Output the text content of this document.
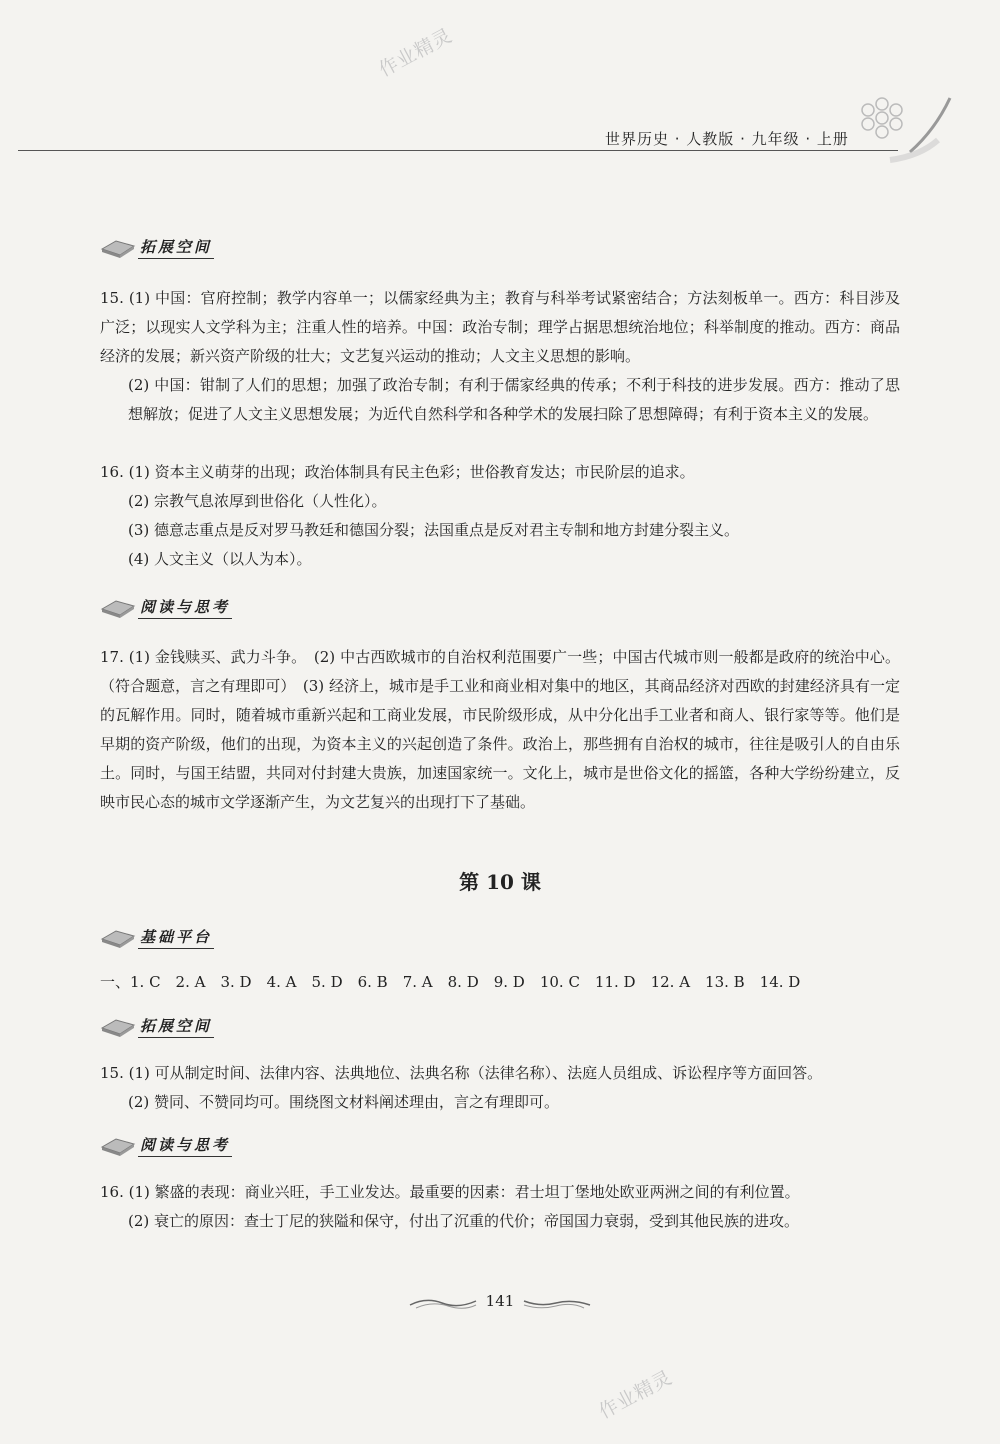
作业精灵
作业精灵
世界历史 · 人教版 · 九年级 · 上册
拓展空间
15. (1) 中国：官府控制；教学内容单一；以儒家经典为主；教育与科举考试紧密结合；方法刻板单一。西方：科目涉及广泛；以现实人文学科为主；注重人性的培养。中国：政治专制；理学占据思想统治地位；科举制度的推动。西方：商品经济的发展；新兴资产阶级的壮大；文艺复兴运动的推动；人文主义思想的影响。
(2) 中国：钳制了人们的思想；加强了政治专制；有利于儒家经典的传承；不利于科技的进步发展。西方：推动了思想解放；促进了人文主义思想发展；为近代自然科学和各种学术的发展扫除了思想障碍；有利于资本主义的发展。
16. (1) 资本主义萌芽的出现；政治体制具有民主色彩；世俗教育发达；市民阶层的追求。
(2) 宗教气息浓厚到世俗化（人性化）。
(3) 德意志重点是反对罗马教廷和德国分裂；法国重点是反对君主专制和地方封建分裂主义。
(4) 人文主义（以人为本）。
阅读与思考
17. (1) 金钱赎买、武力斗争。　(2) 中古西欧城市的自治权利范围要广一些；中国古代城市则一般都是政府的统治中心。（符合题意，言之有理即可）　(3) 经济上，城市是手工业和商业相对集中的地区，其商品经济对西欧的封建经济具有一定的瓦解作用。同时，随着城市重新兴起和工商业发展，市民阶级形成，从中分化出手工业者和商人、银行家等等。他们是早期的资产阶级，他们的出现，为资本主义的兴起创造了条件。政治上，那些拥有自治权的城市，往往是吸引人的自由乐土。同时，与国王结盟，共同对付封建大贵族，加速国家统一。文化上，城市是世俗文化的摇篮，各种大学纷纷建立，反映市民心态的城市文学逐渐产生，为文艺复兴的出现打下了基础。
第 10 课
基础平台
一、1. C　2. A　3. D　4. A　5. D　6. B　7. A　8. D　9. D　10. C　11. D　12. A　13. B　14. D
拓展空间
15. (1) 可从制定时间、法律内容、法典地位、法典名称（法律名称）、法庭人员组成、诉讼程序等方面回答。
(2) 赞同、不赞同均可。围绕图文材料阐述理由，言之有理即可。
阅读与思考
16. (1) 繁盛的表现：商业兴旺，手工业发达。最重要的因素：君士坦丁堡地处欧亚两洲之间的有利位置。
(2) 衰亡的原因：查士丁尼的狭隘和保守，付出了沉重的代价；帝国国力衰弱，受到其他民族的进攻。
141
